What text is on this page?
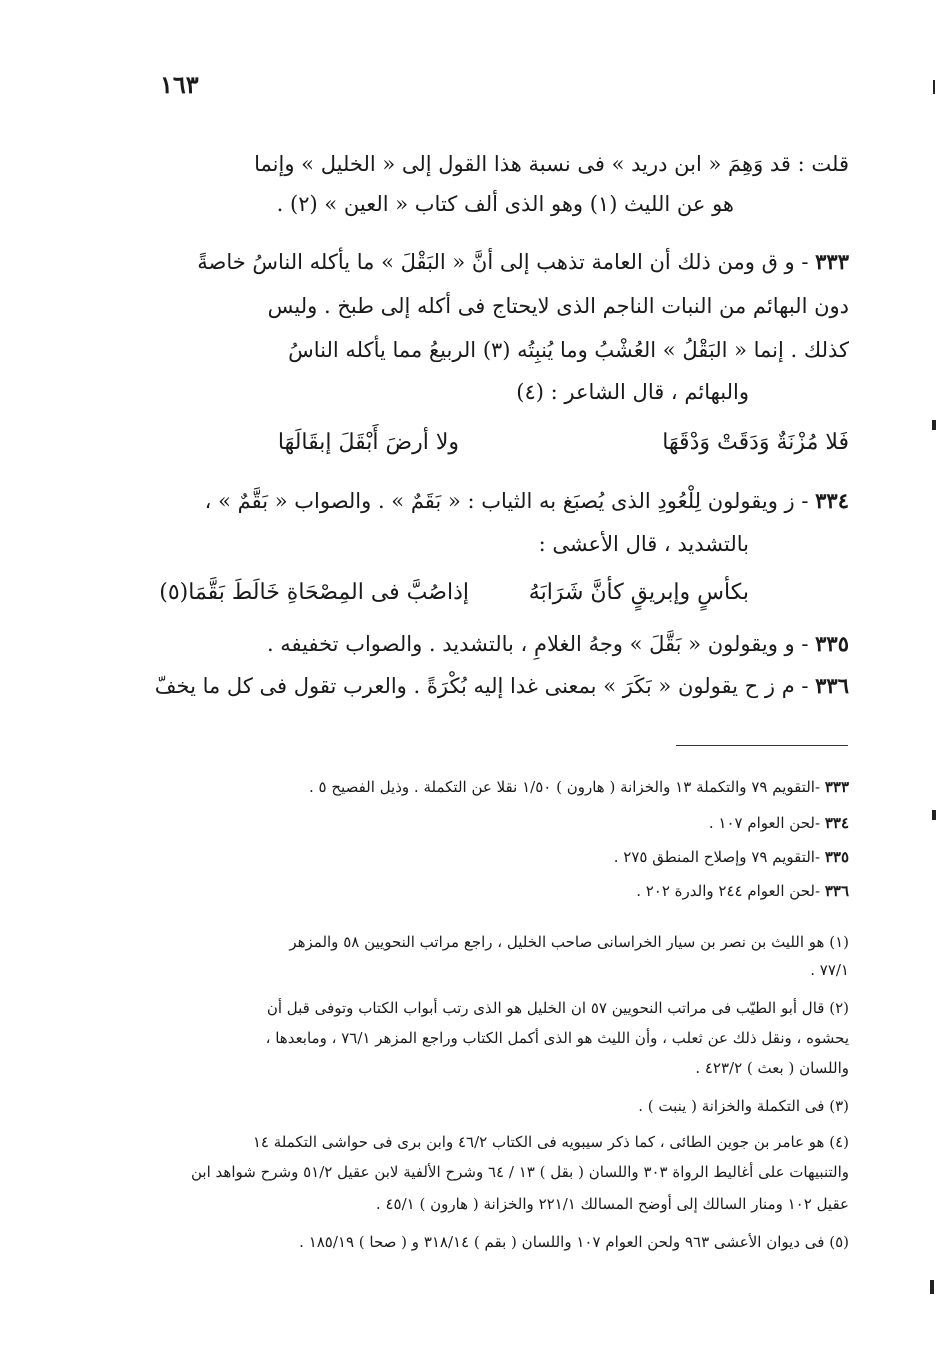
١٦٣
قلت : قد وَهِمَ « ابن دريد » فى نسبة هذا القول إلى « الخليل » وإنما
هو عن الليث (١) وهو الذى ألف كتاب « العين » (٢) .
٣٣٣ - و ق ومن ذلك أن العامة تذهب إلى أنَّ « البَقْلَ » ما يأكله الناسُ خاصةً
دون البهائم من النبات الناجم الذى لايحتاج فى أكله إلى طبخ . وليس
كذلك . إنما « البَقْلُ » العُشْبُ وما يُنبِتُه (٣) الربيعُ مما يأكله الناسُ
والبهائم ، قال الشاعر : (٤)
فَلا مُزْنَةٌ وَدَقَتْ وَدْقَهَا
ولا أرضَ أَبْقَلَ إبقَالَهَا
٣٣٤ - ز ويقولون لِلْعُودِ الذى يُصبَغ به الثياب : « بَقَمٌ » . والصواب « بَقَّمٌ » ،
بالتشديد ، قال الأعشى :
بكأسٍ وإبريقٍ كأنَّ شَرَابَهُ
إذاصُبَّ فى المِصْحَاةِ خَالَطَ بَقَّمَا(٥)
٣٣٥ - و ويقولون « بَقَّلَ » وجهُ الغلامِ ، بالتشديد . والصواب تخفيفه .
٣٣٦ - م ز ح يقولون « بَكَرَ » بمعنى غدا إليه بُكْرَةً . والعرب تقول فى كل ما يخفّ
٣٣٣ -التقويم ٧٩ والتكملة ١٣ والخزانة ( هارون ) ١/٥٠ نقلا عن التكملة . وذيل الفصيح ٥ .
٣٣٤ -لحن العوام ١٠٧ .
٣٣٥ -التقويم ٧٩ وإصلاح المنطق ٢٧٥ .
٣٣٦ -لحن العوام ٢٤٤ والدرة ٢٠٢ .
(١) هو الليث بن نصر بن سيار الخراسانى صاحب الخليل ، راجع مراتب النحويين ٥٨ والمزهر
. ٧٧/١
(٢) قال أبو الطيّب فى مراتب النحويين ٥٧ ان الخليل هو الذى رتب أبواب الكتاب وتوفى قبل أن
يحشوه ، ونقل ذلك عن ثعلب ، وأن الليث هو الذى أكمل الكتاب وراجع المزهر ٧٦/١ ، ومابعدها ،
واللسان ( بعث ) ٤٢٣/٢ .
(٣) فى التكملة والخزانة ( ينبت ) .
(٤) هو عامر بن جوين الطائى ، كما ذكر سيبويه فى الكتاب ٤٦/٢ وابن برى فى حواشى التكملة ١٤
والتنبيهات على أغاليط الرواة ٣٠٣ واللسان ( بقل ) ١٣ / ٦٤ وشرح الألفية لابن عقيل ٥١/٢ وشرح شواهد ابن
عقيل ١٠٢ ومنار السالك إلى أوضح المسالك ٢٢١/١ والخزانة ( هارون ) ٤٥/١ .
(٥) فى ديوان الأعشى ٩٦٣ ولحن العوام ١٠٧ واللسان ( بقم ) ٣١٨/١٤ و ( صحا ) ١٨٥/١٩ .
